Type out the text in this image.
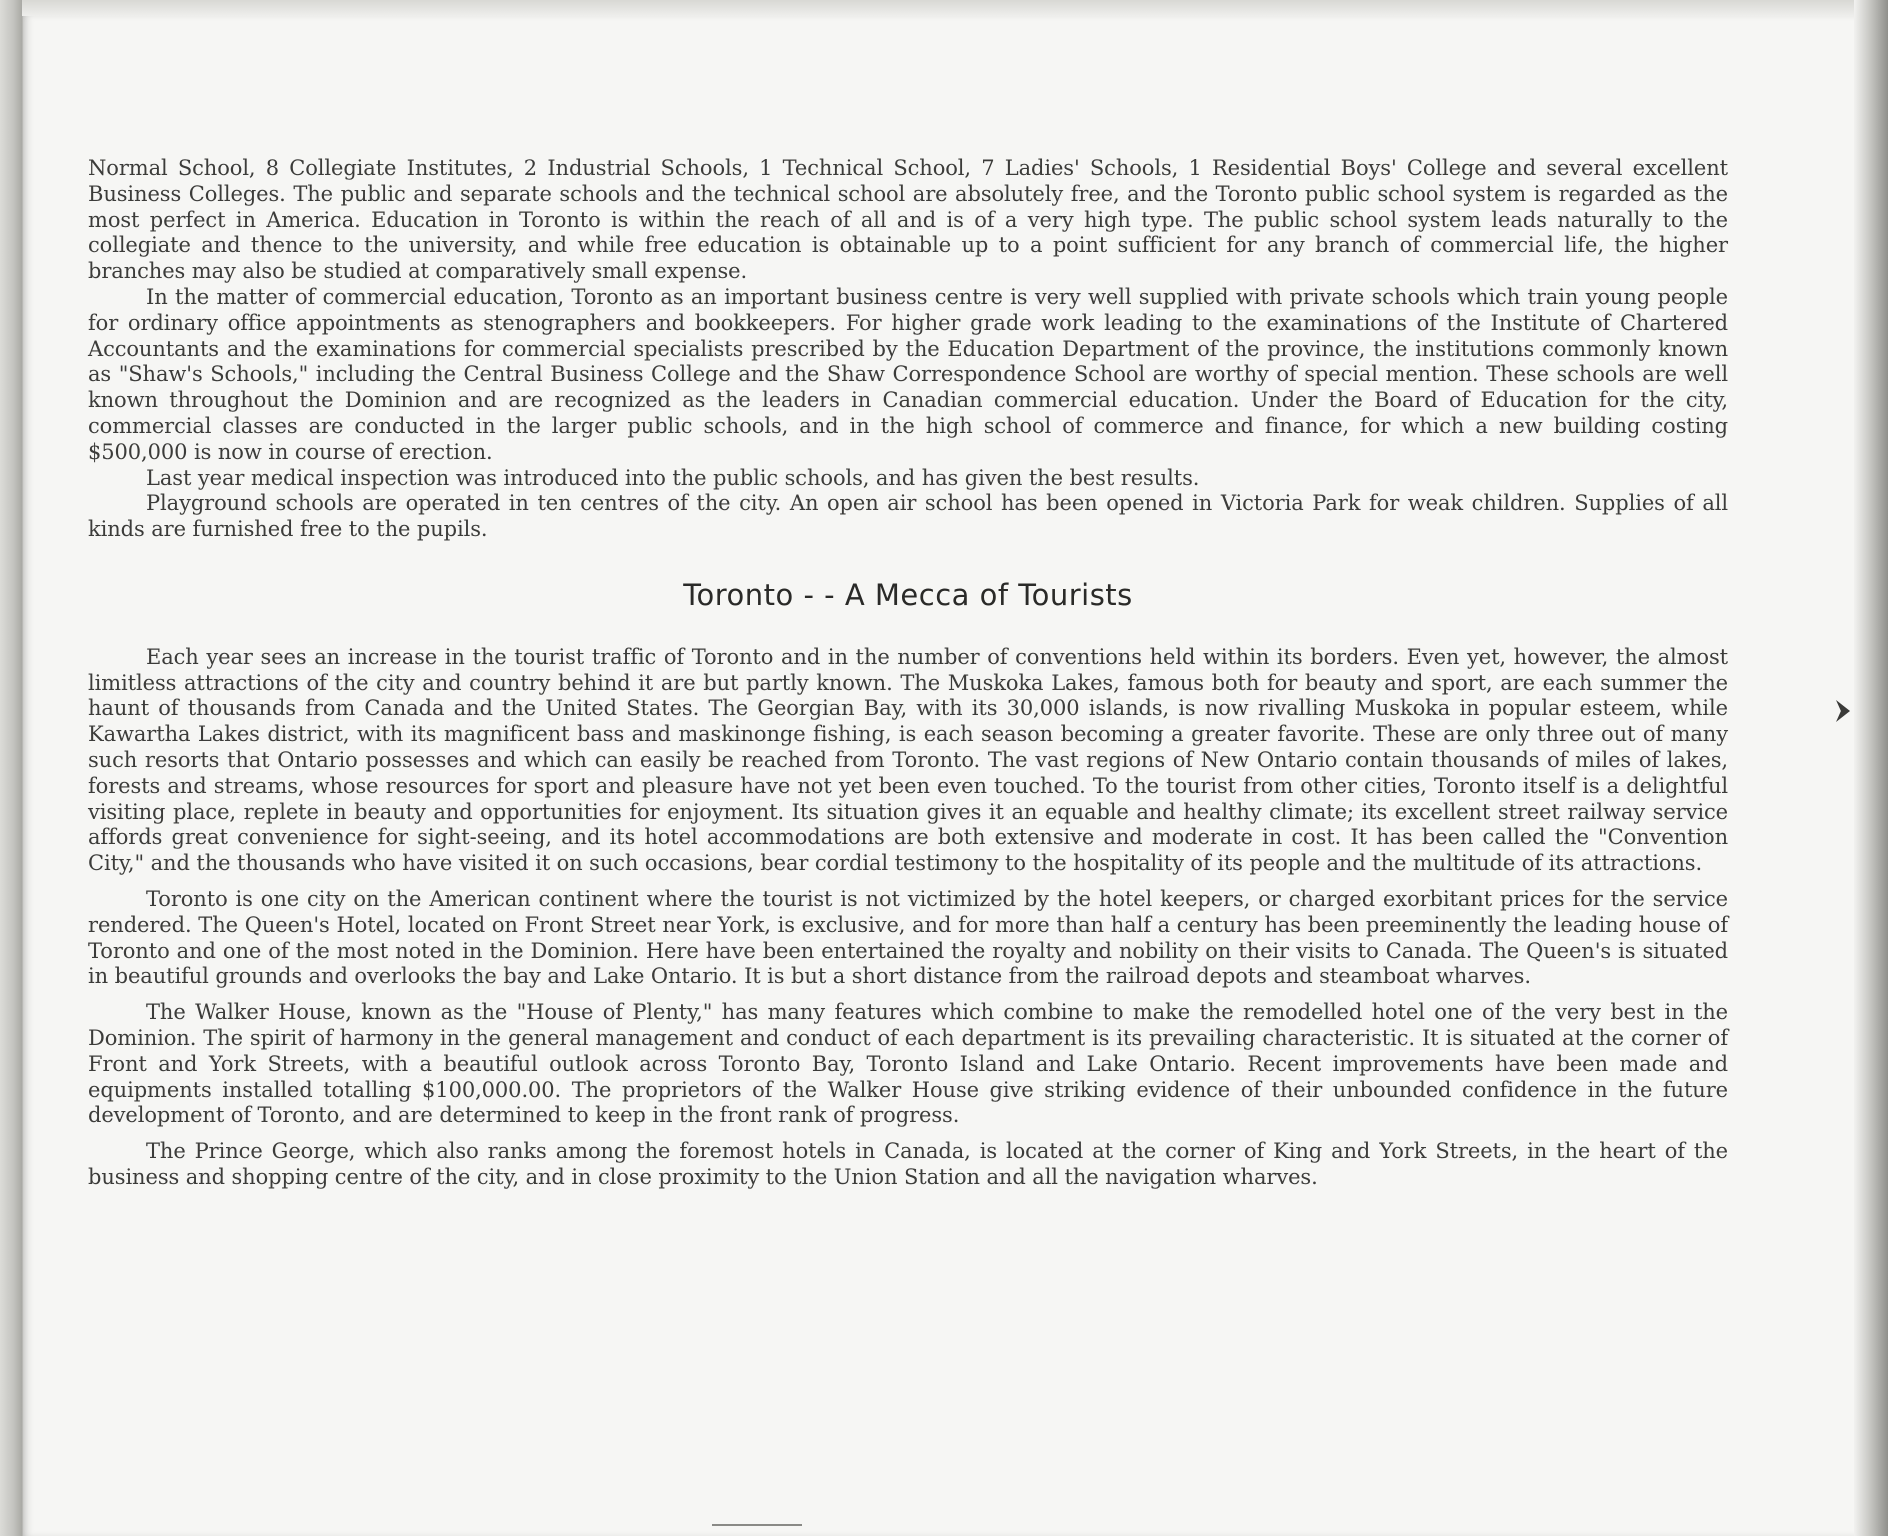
Normal School, 8 Collegiate Institutes, 2 Industrial Schools, 1 Technical School, 7 Ladies' Schools, 1 Residential Boys' College and several excellent Business Colleges. The public and separate schools and the technical school are absolutely free, and the Toronto public school system is regarded as the most perfect in America. Education in Toronto is within the reach of all and is of a very high type. The public school system leads naturally to the collegiate and thence to the university, and while free education is obtainable up to a point sufficient for any branch of commercial life, the higher branches may also be studied at comparatively small expense.

In the matter of commercial education, Toronto as an important business centre is very well supplied with private schools which train young people for ordinary office appointments as stenographers and bookkeepers. For higher grade work leading to the examinations of the Institute of Chartered Accountants and the examinations for commercial specialists prescribed by the Education Department of the province, the institutions commonly known as "Shaw's Schools," including the Central Business College and the Shaw Correspondence School are worthy of special mention. These schools are well known throughout the Dominion and are recognized as the leaders in Canadian commercial education. Under the Board of Education for the city, commercial classes are conducted in the larger public schools, and in the high school of commerce and finance, for which a new building costing $500,000 is now in course of erection.

Last year medical inspection was introduced into the public schools, and has given the best results.

Playground schools are operated in ten centres of the city. An open air school has been opened in Victoria Park for weak children. Supplies of all kinds are furnished free to the pupils.

Toronto - - A Mecca of Tourists

Each year sees an increase in the tourist traffic of Toronto and in the number of conventions held within its borders. Even yet, however, the almost limitless attractions of the city and country behind it are but partly known. The Muskoka Lakes, famous both for beauty and sport, are each summer the haunt of thousands from Canada and the United States. The Georgian Bay, with its 30,000 islands, is now rivalling Muskoka in popular esteem, while Kawartha Lakes district, with its magnificent bass and maskinonge fishing, is each season becoming a greater favorite. These are only three out of many such resorts that Ontario possesses and which can easily be reached from Toronto. The vast regions of New Ontario contain thousands of miles of lakes, forests and streams, whose resources for sport and pleasure have not yet been even touched. To the tourist from other cities, Toronto itself is a delightful visiting place, replete in beauty and opportunities for enjoyment. Its situation gives it an equable and healthy climate; its excellent street railway service affords great convenience for sight-seeing, and its hotel accommodations are both extensive and moderate in cost. It has been called the "Convention City," and the thousands who have visited it on such occasions, bear cordial testimony to the hospitality of its people and the multitude of its attractions.

Toronto is one city on the American continent where the tourist is not victimized by the hotel keepers, or charged exorbitant prices for the service rendered. The Queen's Hotel, located on Front Street near York, is exclusive, and for more than half a century has been preeminently the leading house of Toronto and one of the most noted in the Dominion. Here have been entertained the royalty and nobility on their visits to Canada. The Queen's is situated in beautiful grounds and overlooks the bay and Lake Ontario. It is but a short distance from the railroad depots and steamboat wharves.

The Walker House, known as the "House of Plenty," has many features which combine to make the remodelled hotel one of the very best in the Dominion. The spirit of harmony in the general management and conduct of each department is its prevailing characteristic. It is situated at the corner of Front and York Streets, with a beautiful outlook across Toronto Bay, Toronto Island and Lake Ontario. Recent improvements have been made and equipments installed totalling $100,000.00. The proprietors of the Walker House give striking evidence of their unbounded confidence in the future development of Toronto, and are determined to keep in the front rank of progress.

The Prince George, which also ranks among the foremost hotels in Canada, is located at the corner of King and York Streets, in the heart of the business and shopping centre of the city, and in close proximity to the Union Station and all the navigation wharves.
